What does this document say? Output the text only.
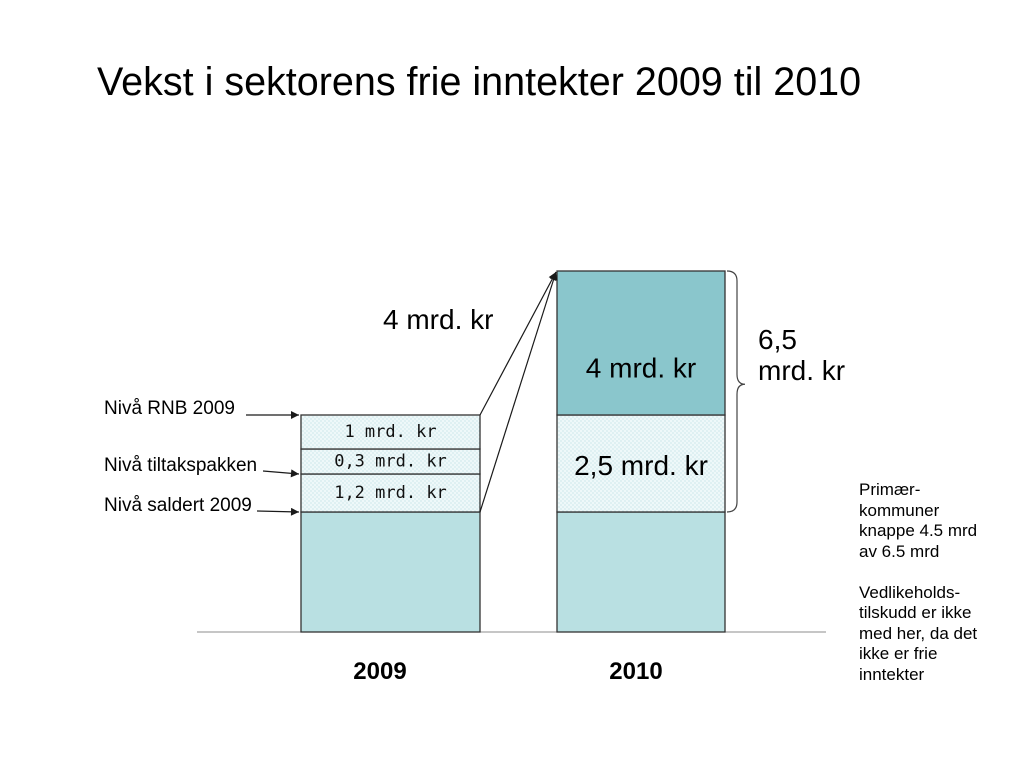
Vekst i sektorens frie inntekter 2009 til 2010
1,2 mrd. kr
0,3 mrd. kr
1 mrd. kr
2,5 mrd. kr
4 mrd. kr
Nivå RNB 2009
Nivå tiltakspakken
Nivå saldert 2009
4 mrd. kr
6,5
mrd. kr
2009	2010
Primær-
kommuner
knappe 4.5 mrd
av 6.5 mrd
Vedlikeholds-
tilskudd er ikke
med her, da det
ikke er frie
inntekter
